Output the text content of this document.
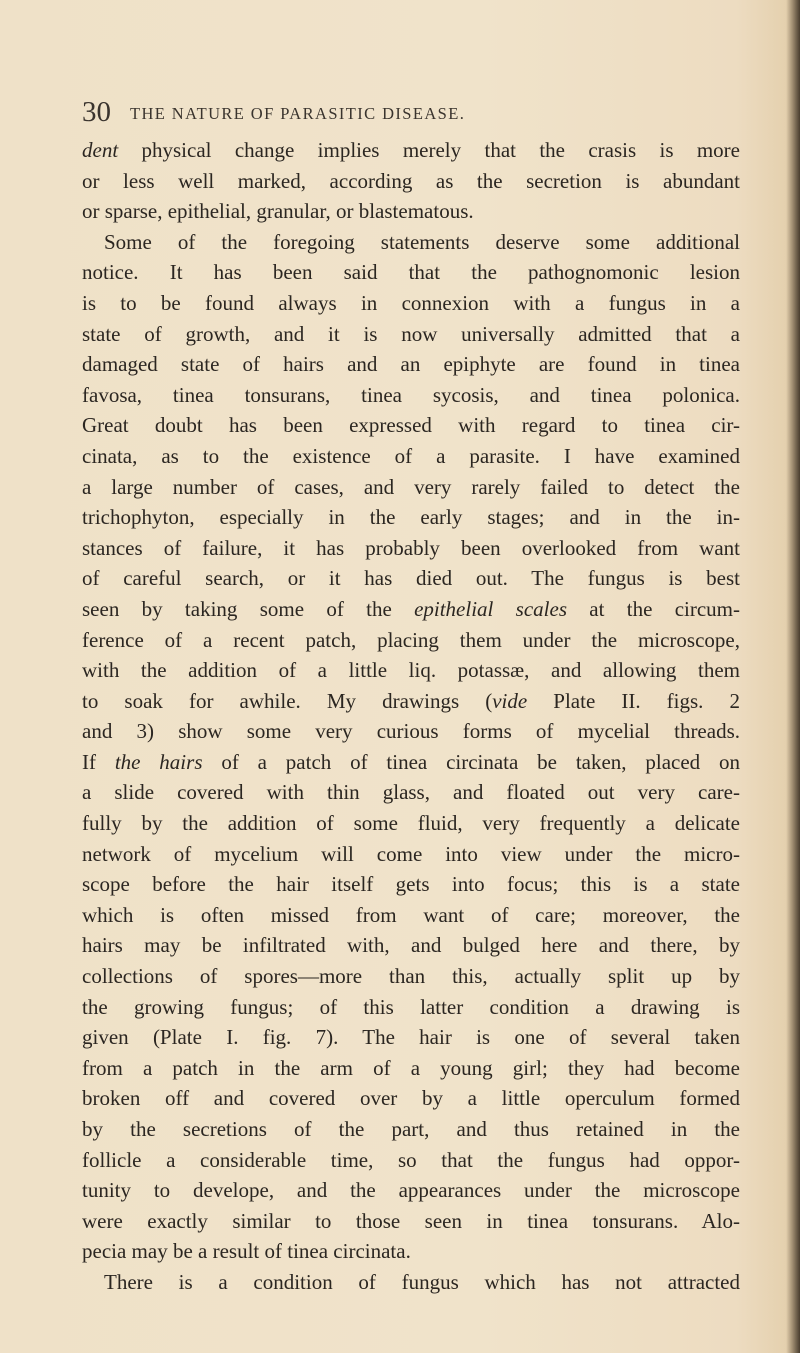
30 THE NATURE OF PARASITIC DISEASE.
dent physical change implies merely that the crasis is more
or less well marked, according as the secretion is abundant
or sparse, epithelial, granular, or blastematous.
Some of the foregoing statements deserve some additional
notice. It has been said that the pathognomonic lesion
is to be found always in connexion with a fungus in a
state of growth, and it is now universally admitted that a
damaged state of hairs and an epiphyte are found in tinea
favosa, tinea tonsurans, tinea sycosis, and tinea polonica.
Great doubt has been expressed with regard to tinea cir-
cinata, as to the existence of a parasite. I have examined
a large number of cases, and very rarely failed to detect the
trichophyton, especially in the early stages; and in the in-
stances of failure, it has probably been overlooked from want
of careful search, or it has died out. The fungus is best
seen by taking some of the epithelial scales at the circum-
ference of a recent patch, placing them under the microscope,
with the addition of a little liq. potassæ, and allowing them
to soak for awhile. My drawings (vide Plate II. figs. 2
and 3) show some very curious forms of mycelial threads.
If the hairs of a patch of tinea circinata be taken, placed on
a slide covered with thin glass, and floated out very care-
fully by the addition of some fluid, very frequently a delicate
network of mycelium will come into view under the micro-
scope before the hair itself gets into focus; this is a state
which is often missed from want of care; moreover, the
hairs may be infiltrated with, and bulged here and there, by
collections of spores—more than this, actually split up by
the growing fungus; of this latter condition a drawing is
given (Plate I. fig. 7). The hair is one of several taken
from a patch in the arm of a young girl; they had become
broken off and covered over by a little operculum formed
by the secretions of the part, and thus retained in the
follicle a considerable time, so that the fungus had oppor-
tunity to develope, and the appearances under the microscope
were exactly similar to those seen in tinea tonsurans. Alo-
pecia may be a result of tinea circinata.
There is a condition of fungus which has not attracted
